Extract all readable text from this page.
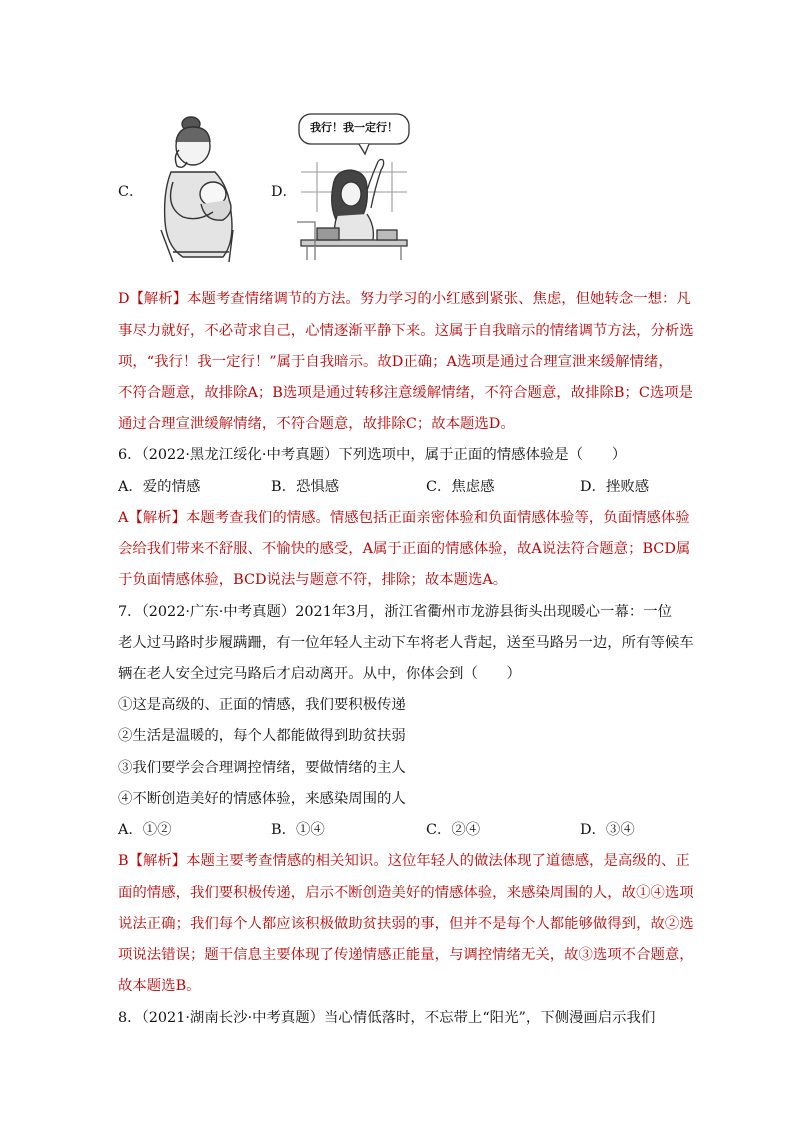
C．	D．
我行！我一定行！
D【解析】本题考查情绪调节的方法。努力学习的小红感到紧张、焦虑，但她转念一想：凡
事尽力就好，不必苛求自己，心情逐渐平静下来。这属于自我暗示的情绪调节方法，分析选
项，“我行！我一定行！”属于自我暗示。故D正确；A选项是通过合理宣泄来缓解情绪，
不符合题意，故排除A；B选项是通过转移注意缓解情绪，不符合题意，故排除B；C选项是
通过合理宣泄缓解情绪，不符合题意，故排除C；故本题选D。
6．（2022·黑龙江绥化·中考真题）下列选项中，属于正面的情感体验是（　　）
A．爱的情感	B．恐惧感	C．焦虑感	D．挫败感
A【解析】本题考查我们的情感。情感包括正面亲密体验和负面情感体验等，负面情感体验
会给我们带来不舒服、不愉快的感受，A属于正面的情感体验，故A说法符合题意；BCD属
于负面情感体验，BCD说法与题意不符，排除；故本题选A。
7．（2022·广东·中考真题）2021年3月，浙江省衢州市龙游县街头出现暖心一幕：一位
老人过马路时步履蹒跚，有一位年轻人主动下车将老人背起，送至马路另一边，所有等候车
辆在老人安全过完马路后才启动离开。从中，你体会到（　　）
①这是高级的、正面的情感，我们要积极传递
②生活是温暖的，每个人都能做得到助贫扶弱
③我们要学会合理调控情绪，要做情绪的主人
④不断创造美好的情感体验，来感染周围的人
A．①②	B．①④	C．②④	D．③④
B【解析】本题主要考查情感的相关知识。这位年轻人的做法体现了道德感，是高级的、正
面的情感，我们要积极传递，启示不断创造美好的情感体验，来感染周围的人，故①④选项
说法正确；我们每个人都应该积极做助贫扶弱的事，但并不是每个人都能够做得到，故②选
项说法错误；题干信息主要体现了传递情感正能量，与调控情绪无关，故③选项不合题意，
故本题选B。
8．（2021·湖南长沙·中考真题）当心情低落时，不忘带上“阳光”，下侧漫画启示我们
